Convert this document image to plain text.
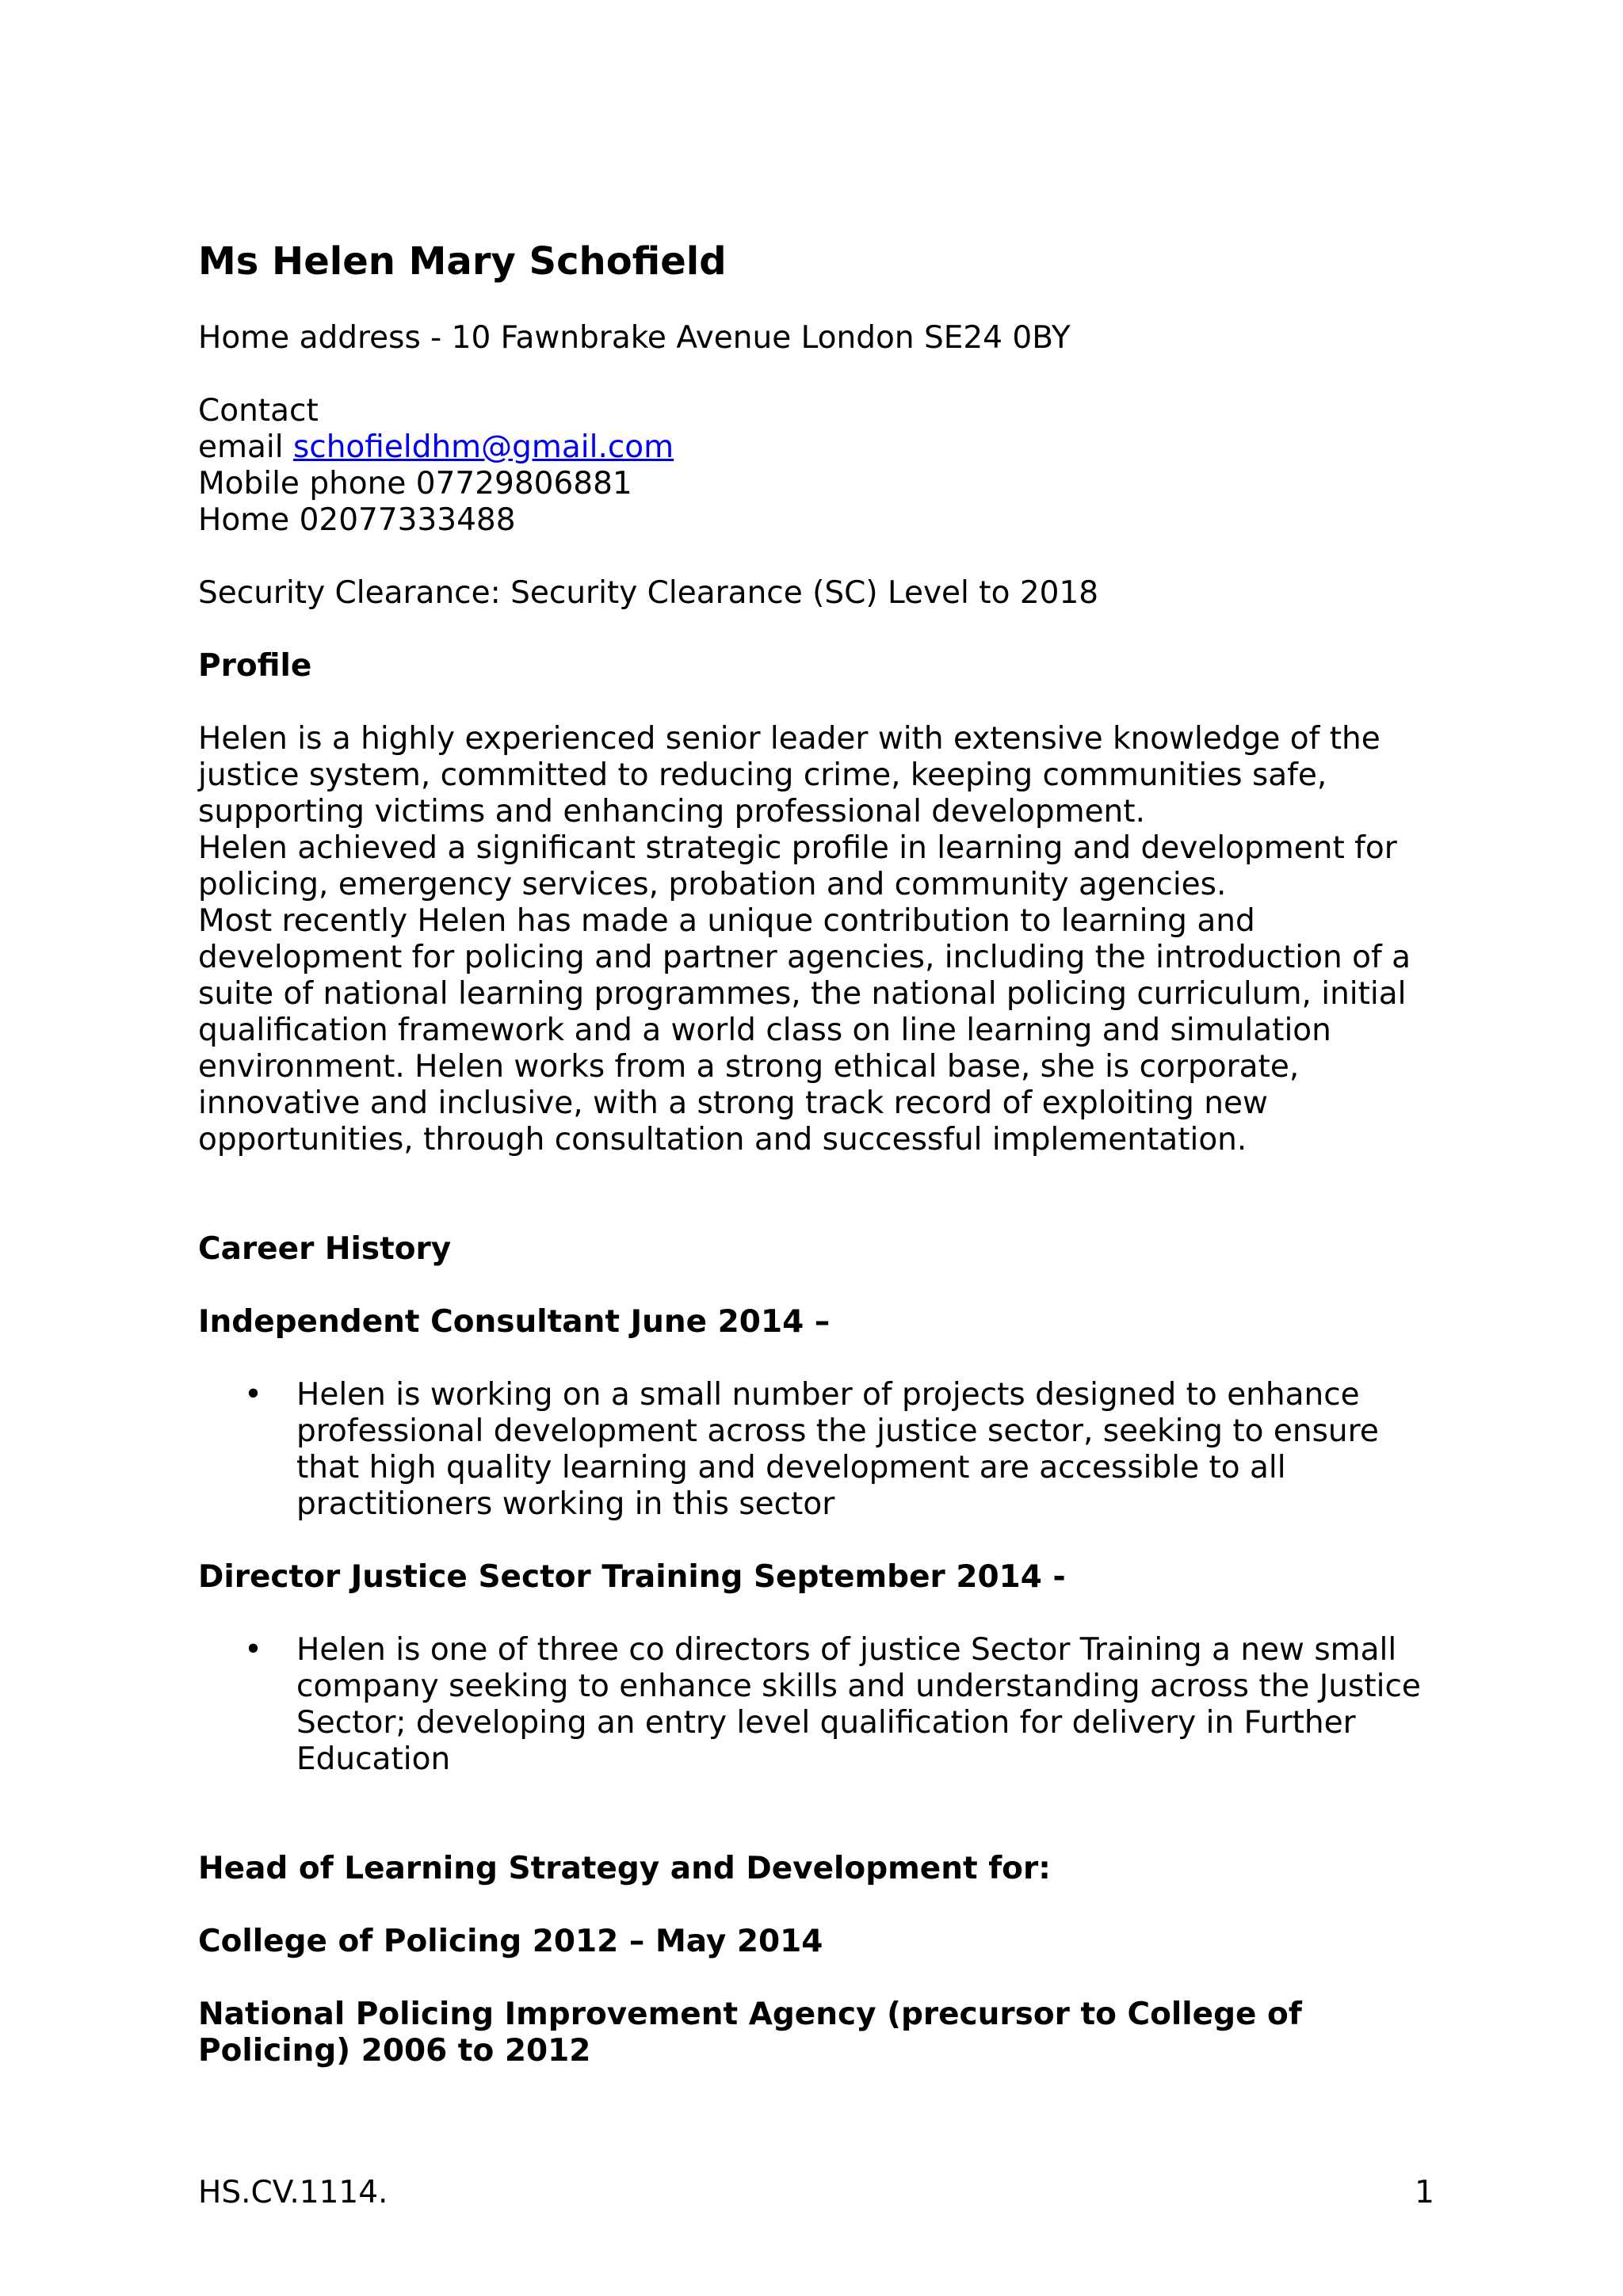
Ms Helen Mary Schofield

Home address - 10 Fawnbrake Avenue London SE24 0BY

Contact

email schofieldhm@gmail.com

Mobile phone 07729806881

Home 02077333488

Security Clearance: Security Clearance (SC) Level to 2018

Profile

Helen is a highly experienced senior leader with extensive knowledge of the justice system, committed to reducing crime, keeping communities safe, supporting victims and enhancing professional development.

Helen achieved a significant strategic profile in learning and development for policing, emergency services, probation and community agencies.

Most recently Helen has made a unique contribution to learning and development for policing and partner agencies, including the introduction of a suite of national learning programmes, the national policing curriculum, initial qualification framework and a world class on line learning and simulation environment. Helen works from a strong ethical base, she is corporate, innovative and inclusive, with a strong track record of exploiting new opportunities, through consultation and successful implementation.

Career History

Independent Consultant June 2014 –

• Helen is working on a small number of projects designed to enhance professional development across the justice sector, seeking to ensure that high quality learning and development are accessible to all practitioners working in this sector

Director Justice Sector Training September 2014 -

• Helen is one of three co directors of justice Sector Training a new small company seeking to enhance skills and understanding across the Justice Sector; developing an entry level qualification for delivery in Further Education

Head of Learning Strategy and Development for:

College of Policing 2012 – May 2014

National Policing Improvement Agency (precursor to College of Policing) 2006 to 2012

HS.CV.1114.	1
